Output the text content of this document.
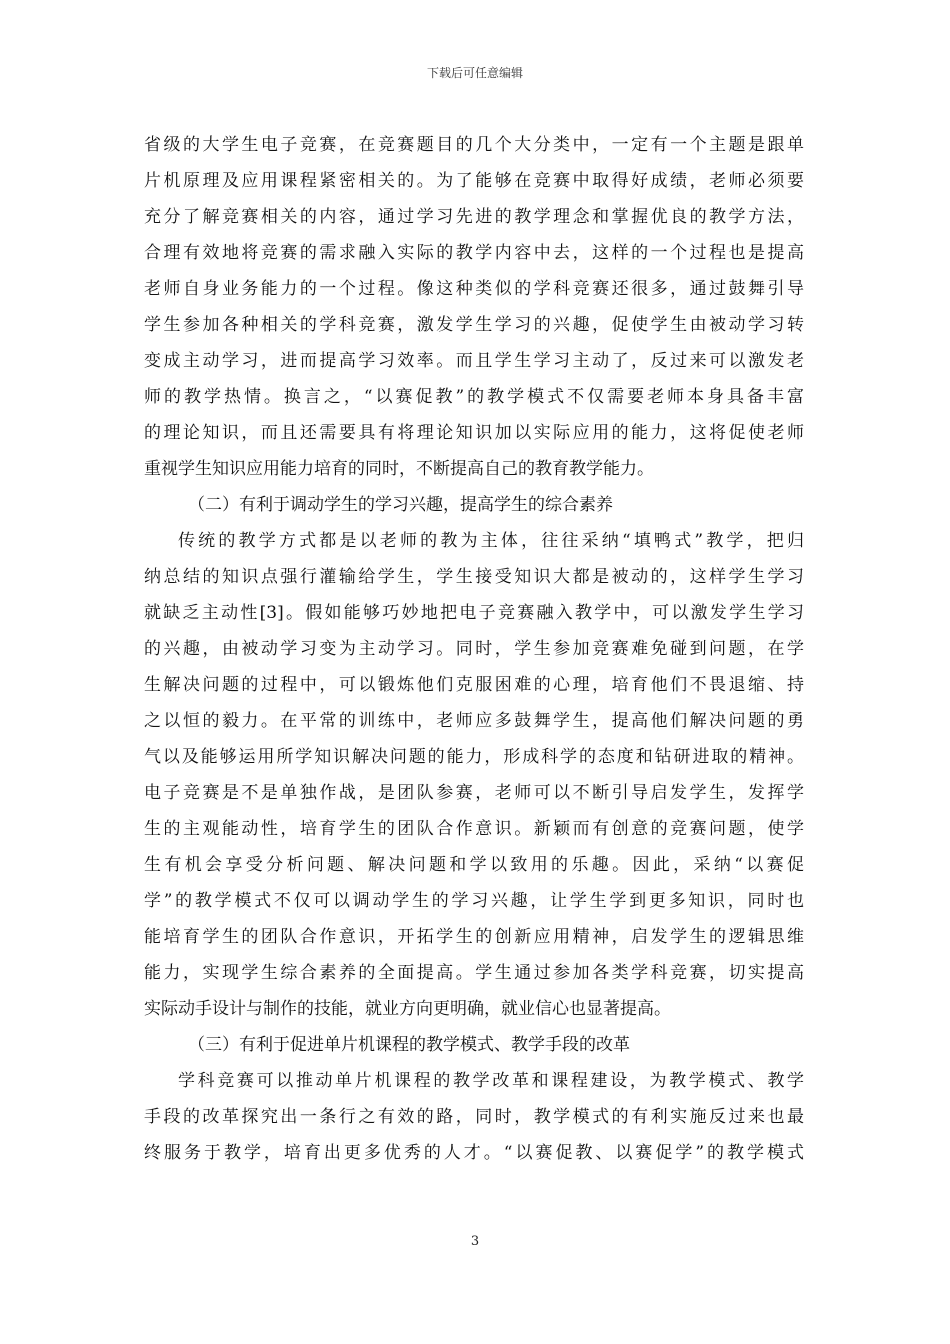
下载后可任意编辑
省级的大学生电子竞赛，在竞赛题目的几个大分类中，一定有一个主题是跟单
片机原理及应用课程紧密相关的。为了能够在竞赛中取得好成绩，老师必须要
充分了解竞赛相关的内容，通过学习先进的教学理念和掌握优良的教学方法，
合理有效地将竞赛的需求融入实际的教学内容中去，这样的一个过程也是提高
老师自身业务能力的一个过程。像这种类似的学科竞赛还很多，通过鼓舞引导
学生参加各种相关的学科竞赛，激发学生学习的兴趣，促使学生由被动学习转
变成主动学习，进而提高学习效率。而且学生学习主动了，反过来可以激发老
师的教学热情。换言之，“以赛促教”的教学模式不仅需要老师本身具备丰富
的理论知识，而且还需要具有将理论知识加以实际应用的能力，这将促使老师
重视学生知识应用能力培育的同时，不断提高自己的教育教学能力。
（二）有利于调动学生的学习兴趣，提高学生的综合素养
传统的教学方式都是以老师的教为主体，往往采纳“填鸭式”教学，把归
纳总结的知识点强行灌输给学生，学生接受知识大都是被动的，这样学生学习
就缺乏主动性[3]。假如能够巧妙地把电子竞赛融入教学中，可以激发学生学习
的兴趣，由被动学习变为主动学习。同时，学生参加竞赛难免碰到问题，在学
生解决问题的过程中，可以锻炼他们克服困难的心理，培育他们不畏退缩、持
之以恒的毅力。在平常的训练中，老师应多鼓舞学生，提高他们解决问题的勇
气以及能够运用所学知识解决问题的能力，形成科学的态度和钻研进取的精神。
电子竞赛是不是单独作战，是团队参赛，老师可以不断引导启发学生，发挥学
生的主观能动性，培育学生的团队合作意识。新颖而有创意的竞赛问题，使学
生有机会享受分析问题、解决问题和学以致用的乐趣。因此，采纳“以赛促
学”的教学模式不仅可以调动学生的学习兴趣，让学生学到更多知识，同时也
能培育学生的团队合作意识，开拓学生的创新应用精神，启发学生的逻辑思维
能力，实现学生综合素养的全面提高。学生通过参加各类学科竞赛，切实提高
实际动手设计与制作的技能，就业方向更明确，就业信心也显著提高。
（三）有利于促进单片机课程的教学模式、教学手段的改革
学科竞赛可以推动单片机课程的教学改革和课程建设，为教学模式、教学
手段的改革探究出一条行之有效的路，同时，教学模式的有利实施反过来也最
终服务于教学，培育出更多优秀的人才。“以赛促教、以赛促学”的教学模式
3
